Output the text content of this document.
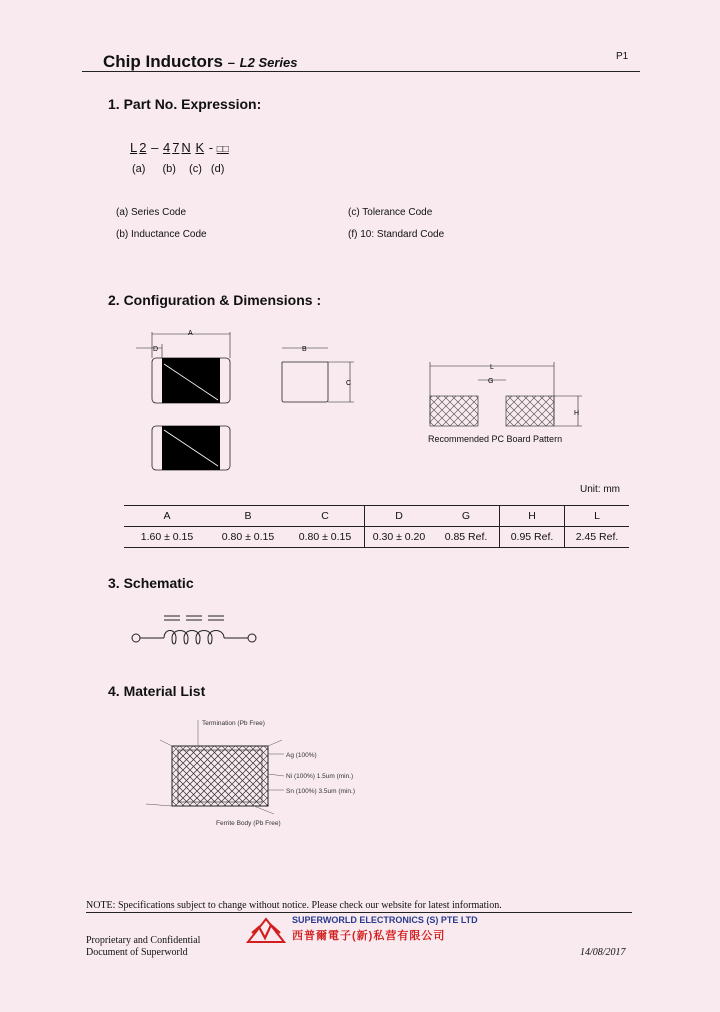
Chip Inductors – L2 Series	P1
1. Part No. Expression:
L 2 – 4 7 N K - □□
(a) (b) (c) (d)
(a) Series Code
(b) Inductance Code
(c) Tolerance Code
(f) 10: Standard Code
2. Configuration & Dimensions :
A
D	B
C
L
G
H
Recommended PC Board Pattern
Unit: mm
A	B	C	D	G	H	L
1.60 ± 0.15	0.80 ± 0.15	0.80 ± 0.15	0.30 ± 0.20	0.85 Ref.	0.95 Ref.	2.45 Ref.
3. Schematic
4. Material List
Termination (Pb Free)
Ag (100%)
Ni (100%) 1.5um (min.)
Sn (100%) 3.5um (min.)
Ferrite Body (Pb Free)
NOTE: Specifications subject to change without notice. Please check our website for latest information.
SUPERWORLD ELECTRONICS (S) PTE LTD
西普爾電子(新)私营有限公司
Proprietary and Confidential
Document of Superworld	14/08/2017
